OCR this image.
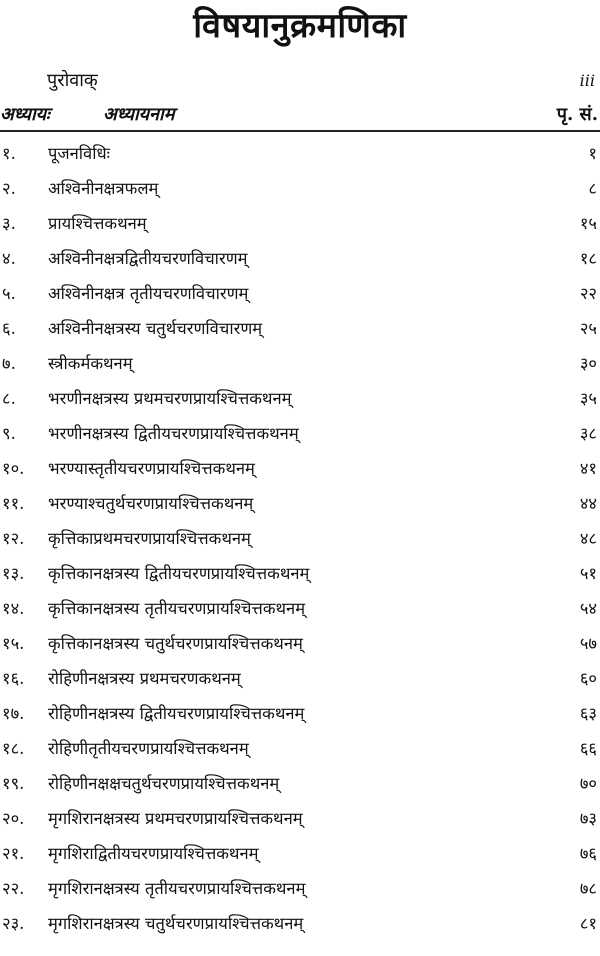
विषयानुक्रमणिका
पुरोवाक्	iii
अध्यायः	अध्यायनाम	पृ. सं.
१. पूजनविधिः	१
२. अश्विनीनक्षत्रफलम्	८
३. प्रायश्चित्तकथनम्	१५
४. अश्विनीनक्षत्रद्वितीयचरणविचारणम्	१८
५. अश्विनीनक्षत्र तृतीयचरणविचारणम्	२२
६. अश्विनीनक्षत्रस्य चतुर्थचरणविचारणम्	२५
७. स्त्रीकर्मकथनम्	३०
८. भरणीनक्षत्रस्य प्रथमचरणप्रायश्चित्तकथनम्	३५
९. भरणीनक्षत्रस्य द्वितीयचरणप्रायश्चित्तकथनम्	३८
१०. भरण्यास्तृतीयचरणप्रायश्चित्तकथनम्	४१
११. भरण्याश्चतुर्थचरणप्रायश्चित्तकथनम्	४४
१२. कृत्तिकाप्रथमचरणप्रायश्चित्तकथनम्	४८
१३. कृत्तिकानक्षत्रस्य द्वितीयचरणप्रायश्चित्तकथनम्	५१
१४. कृत्तिकानक्षत्रस्य तृतीयचरणप्रायश्चित्तकथनम्	५४
१५. कृत्तिकानक्षत्रस्य चतुर्थचरणप्रायश्चित्तकथनम्	५७
१६. रोहिणीनक्षत्रस्य प्रथमचरणकथनम्	६०
१७. रोहिणीनक्षत्रस्य द्वितीयचरणप्रायश्चित्तकथनम्	६३
१८. रोहिणीतृतीयचरणप्रायश्चित्तकथनम्	६६
१९. रोहिणीनक्षक्षचतुर्थचरणप्रायश्चित्तकथनम्	७०
२०. मृगशिरानक्षत्रस्य प्रथमचरणप्रायश्चित्तकथनम्	७३
२१. मृगशिराद्वितीयचरणप्रायश्चित्तकथनम्	७६
२२. मृगशिरानक्षत्रस्य तृतीयचरणप्रायश्चित्तकथनम्	७८
२३. मृगशिरानक्षत्रस्य चतुर्थचरणप्रायश्चित्तकथनम्	८१
